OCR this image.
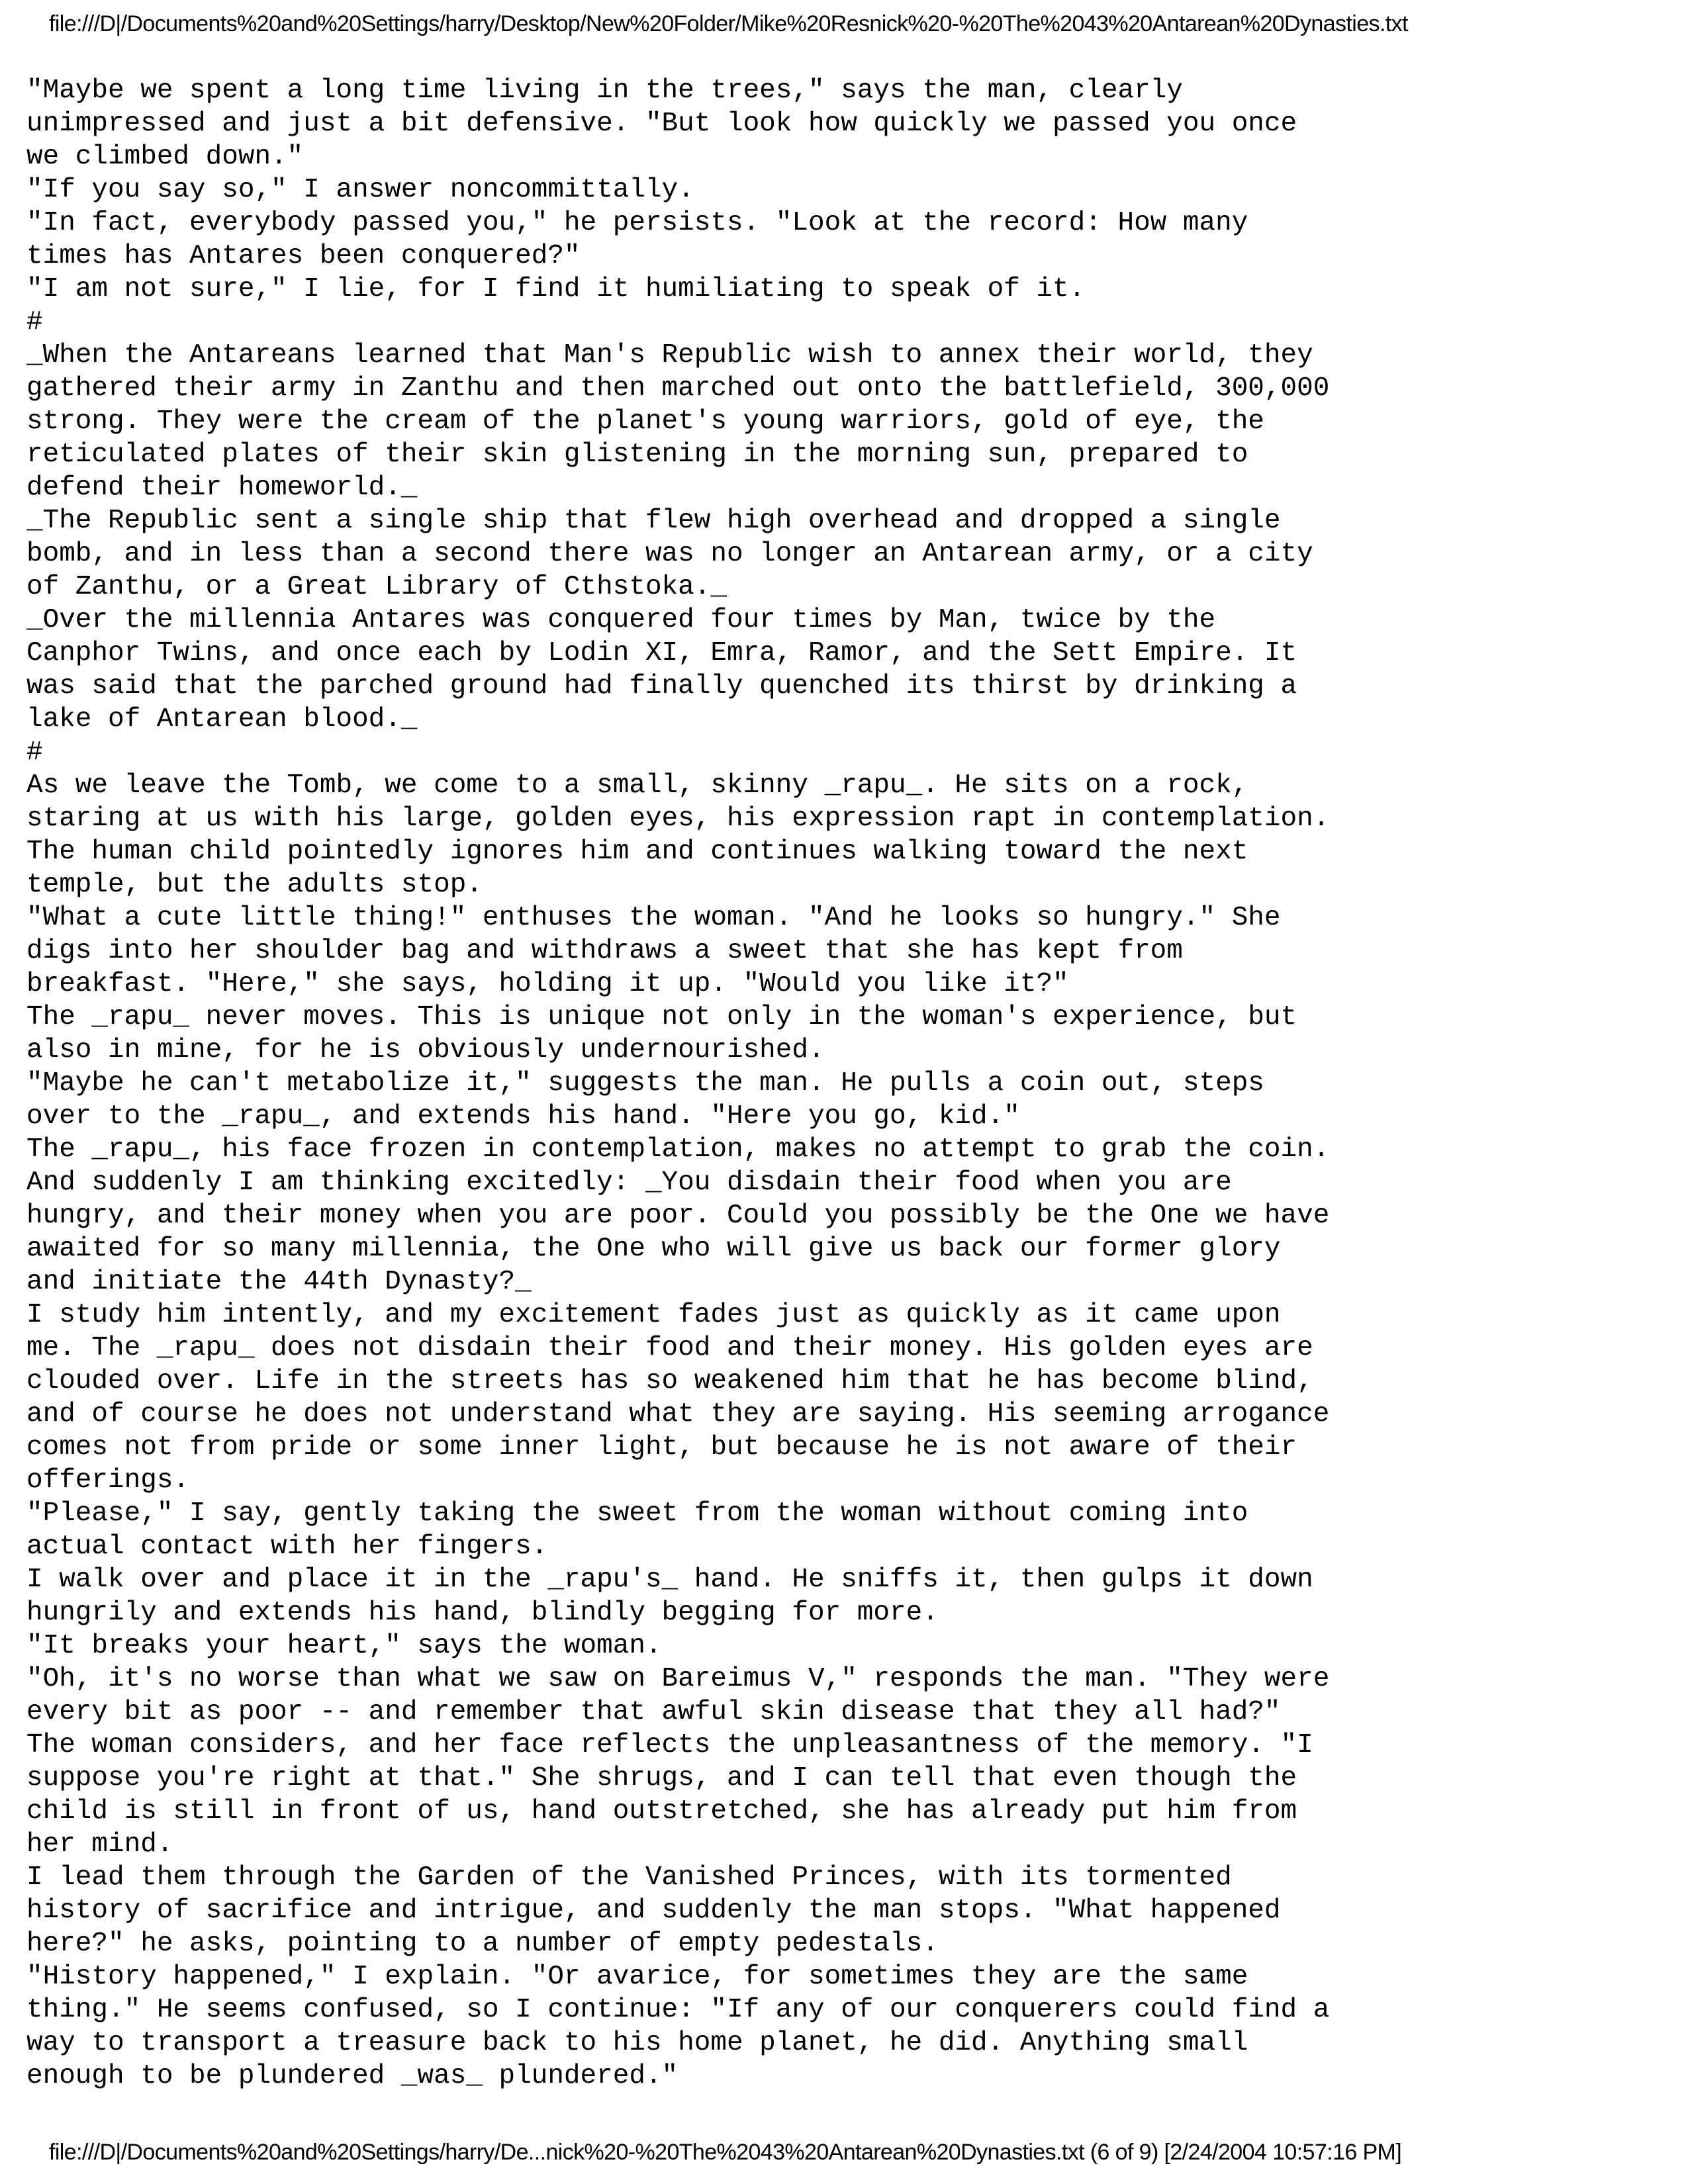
file:///D|/Documents%20and%20Settings/harry/Desktop/New%20Folder/Mike%20Resnick%20-%20The%2043%20Antarean%20Dynasties.txt
"Maybe we spent a long time living in the trees," says the man, clearly
unimpressed and just a bit defensive. "But look how quickly we passed you once
we climbed down."
"If you say so," I answer noncommittally.
"In fact, everybody passed you," he persists. "Look at the record: How many
times has Antares been conquered?"
"I am not sure," I lie, for I find it humiliating to speak of it.
#
_When the Antareans learned that Man's Republic wish to annex their world, they
gathered their army in Zanthu and then marched out onto the battlefield, 300,000
strong. They were the cream of the planet's young warriors, gold of eye, the
reticulated plates of their skin glistening in the morning sun, prepared to
defend their homeworld._
_The Republic sent a single ship that flew high overhead and dropped a single
bomb, and in less than a second there was no longer an Antarean army, or a city
of Zanthu, or a Great Library of Cthstoka._
_Over the millennia Antares was conquered four times by Man, twice by the
Canphor Twins, and once each by Lodin XI, Emra, Ramor, and the Sett Empire. It
was said that the parched ground had finally quenched its thirst by drinking a
lake of Antarean blood._
#
As we leave the Tomb, we come to a small, skinny _rapu_. He sits on a rock,
staring at us with his large, golden eyes, his expression rapt in contemplation.
The human child pointedly ignores him and continues walking toward the next
temple, but the adults stop.
"What a cute little thing!" enthuses the woman. "And he looks so hungry." She
digs into her shoulder bag and withdraws a sweet that she has kept from
breakfast. "Here," she says, holding it up. "Would you like it?"
The _rapu_ never moves. This is unique not only in the woman's experience, but
also in mine, for he is obviously undernourished.
"Maybe he can't metabolize it," suggests the man. He pulls a coin out, steps
over to the _rapu_, and extends his hand. "Here you go, kid."
The _rapu_, his face frozen in contemplation, makes no attempt to grab the coin.
And suddenly I am thinking excitedly: _You disdain their food when you are
hungry, and their money when you are poor. Could you possibly be the One we have
awaited for so many millennia, the One who will give us back our former glory
and initiate the 44th Dynasty?_
I study him intently, and my excitement fades just as quickly as it came upon
me. The _rapu_ does not disdain their food and their money. His golden eyes are
clouded over. Life in the streets has so weakened him that he has become blind,
and of course he does not understand what they are saying. His seeming arrogance
comes not from pride or some inner light, but because he is not aware of their
offerings.
"Please," I say, gently taking the sweet from the woman without coming into
actual contact with her fingers.
I walk over and place it in the _rapu's_ hand. He sniffs it, then gulps it down
hungrily and extends his hand, blindly begging for more.
"It breaks your heart," says the woman.
"Oh, it's no worse than what we saw on Bareimus V," responds the man. "They were
every bit as poor -- and remember that awful skin disease that they all had?"
The woman considers, and her face reflects the unpleasantness of the memory. "I
suppose you're right at that." She shrugs, and I can tell that even though the
child is still in front of us, hand outstretched, she has already put him from
her mind.
I lead them through the Garden of the Vanished Princes, with its tormented
history of sacrifice and intrigue, and suddenly the man stops. "What happened
here?" he asks, pointing to a number of empty pedestals.
"History happened," I explain. "Or avarice, for sometimes they are the same
thing." He seems confused, so I continue: "If any of our conquerers could find a
way to transport a treasure back to his home planet, he did. Anything small
enough to be plundered _was_ plundered."
file:///D|/Documents%20and%20Settings/harry/De...nick%20-%20The%2043%20Antarean%20Dynasties.txt (6 of 9) [2/24/2004 10:57:16 PM]
